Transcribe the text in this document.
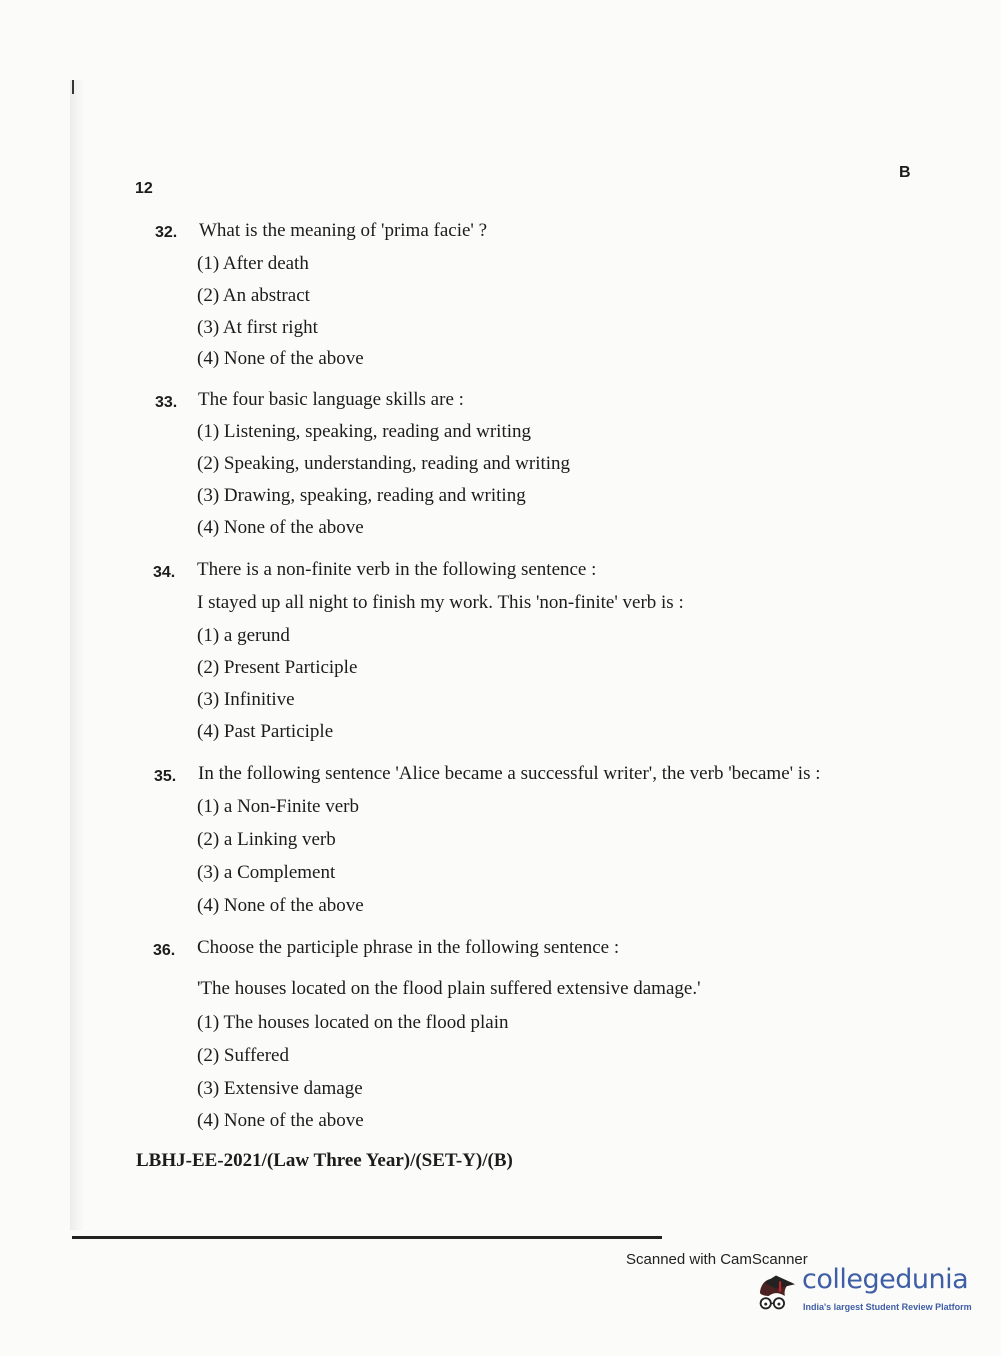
12
B
32. What is the meaning of 'prima facie' ?
(1) After death
(2) An abstract
(3) At first right
(4) None of the above
33. The four basic language skills are :
(1) Listening, speaking, reading and writing
(2) Speaking, understanding, reading and writing
(3) Drawing, speaking, reading and writing
(4) None of the above
34. There is a non-finite verb in the following sentence :
I stayed up all night to finish my work. This 'non-finite' verb is :
(1) a gerund
(2) Present Participle
(3) Infinitive
(4) Past Participle
35. In the following sentence 'Alice became a successful writer', the verb 'became' is :
(1) a Non-Finite verb
(2) a Linking verb
(3) a Complement
(4) None of the above
36. Choose the participle phrase in the following sentence :
'The houses located on the flood plain suffered extensive damage.'
(1) The houses located on the flood plain
(2) Suffered
(3) Extensive damage
(4) None of the above
LBHJ-EE-2021/(Law Three Year)/(SET-Y)/(B)
Scanned with CamScanner
collegedunia
India's largest Student Review Platform
